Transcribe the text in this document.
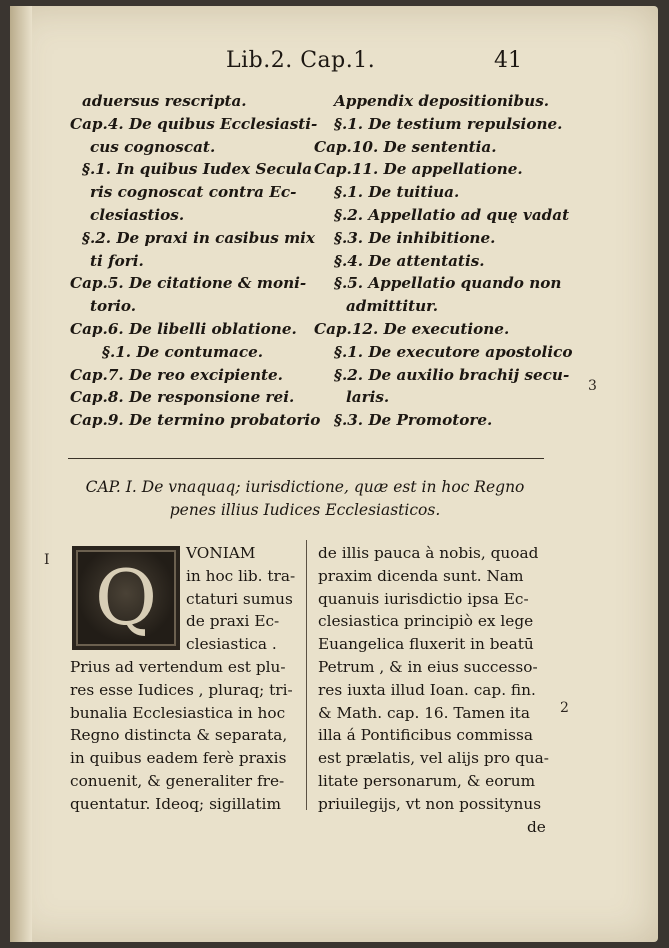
Lib.2. Cap.1.	41
aduersus rescripta.
Cap.4. De quibus Ecclesiasti-
cus cognoscat.
§.1. In quibus Iudex Secula
ris cognoscat contra Ec-
clesiastios.
§.2. De praxi in casibus mix
ti fori.
Cap.5. De citatione & moni-
torio.
Cap.6. De libelli oblatione.
§.1. De contumace.
Cap.7. De reo excipiente.
Cap.8. De responsione rei.
Cap.9. De termino probatorio
Appendix depositionibus.
§.1. De testium repulsione.
Cap.10. De sententia.
Cap.11. De appellatione.
§.1. De tuitiua.
§.2. Appellatio ad quę vadat
§.3. De inhibitione.
§.4. De attentatis.
§.5. Appellatio quando non
admittitur.
Cap.12. De executione.
§.1. De executore apostolico
§.2. De auxilio brachij secu-
laris.
§.3. De Promotore.
CAP. I. De vnaquaq; iurisdictione, quæ est in hoc Regno
penes illius Iudices Ecclesiasticos.
Q VONIAM
in hoc lib. tra-
ctaturi sumus
de praxi Ec-
clesiastica .
Prius ad vertendum est plu-
res esse Iudices , pluraq; tri-
bunalia Ecclesiastica in hoc
Regno distincta & separata,
in quibus eadem ferè praxis
conuenit, & generaliter fre-
quentatur. Ideoq; sigillatim
de illis pauca à nobis, quoad
praxim dicenda sunt. Nam
quanuis iurisdictio ipsa Ec-
clesiastica principiò ex lege
Euangelica fluxerit in beatū
Petrum , & in eius successo-
res iuxta illud Ioan. cap. fin.
& Math. cap. 16. Tamen ita
illa á Pontificibus commissa
est prælatis, vel alijs pro qua-
litate personarum, & eorum
priuilegijs, vt non possitynus
de
I
3
2
